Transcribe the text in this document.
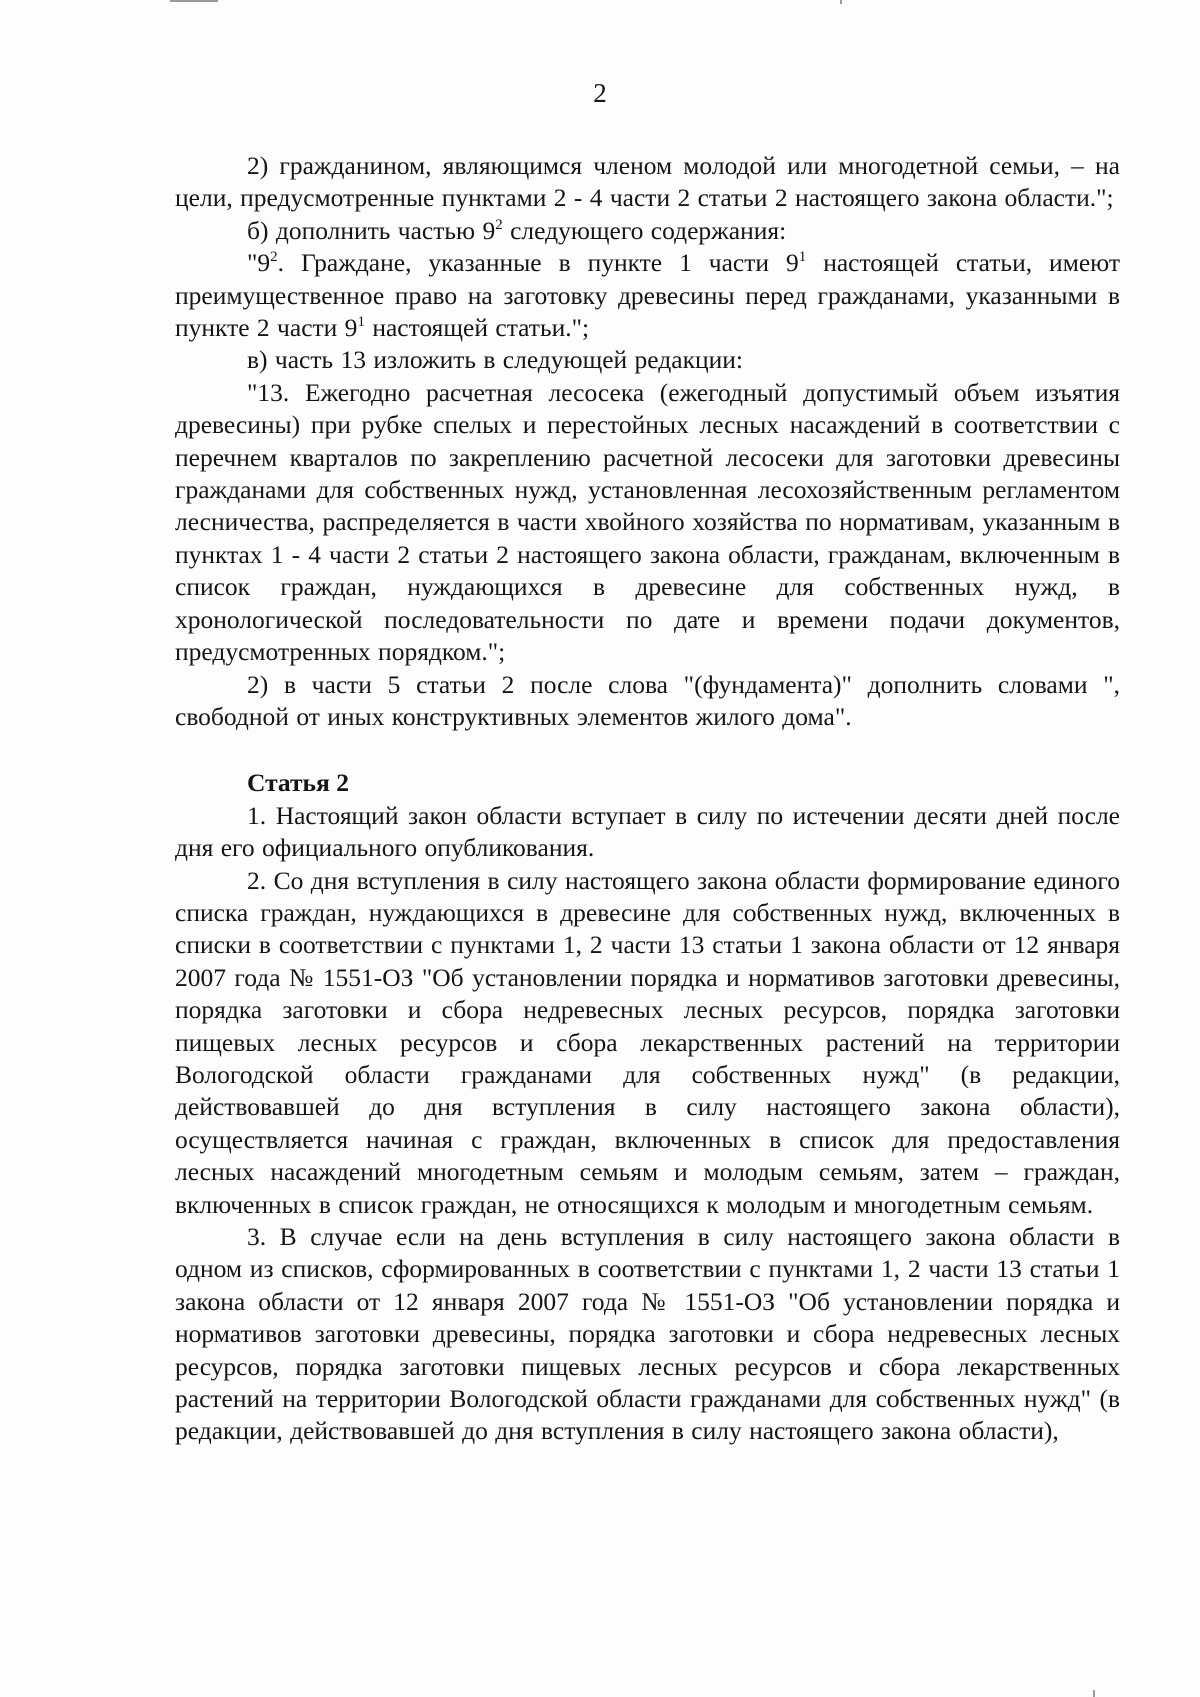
2

2) гражданином, являющимся членом молодой или многодетной семьи, – на цели, предусмотренные пунктами 2 - 4 части 2 статьи 2 настоящего закона области.";

б) дополнить частью $9^2$ следующего содержания:

"$9^2$. Граждане, указанные в пункте 1 части $9^1$ настоящей статьи, имеют преимущественное право на заготовку древесины перед гражданами, указанными в пункте 2 части $9^1$ настоящей статьи.";

в) часть 13 изложить в следующей редакции:

"13. Ежегодно расчетная лесосека (ежегодный допустимый объем изъятия древесины) при рубке спелых и перестойных лесных насаждений в соответствии с перечнем кварталов по закреплению расчетной лесосеки для заготовки древесины гражданами для собственных нужд, установленная лесохозяйственным регламентом лесничества, распределяется в части хвойного хозяйства по нормативам, указанным в пунктах 1 - 4 части 2 статьи 2 настоящего закона области, гражданам, включенным в список граждан, нуждающихся в древесине для собственных нужд, в хронологической последовательности по дате и времени подачи документов, предусмотренных порядком.";

2) в части 5 статьи 2 после слова "(фундамента)" дополнить словами ", свободной от иных конструктивных элементов жилого дома".

Статья 2

1. Настоящий закон области вступает в силу по истечении десяти дней после дня его официального опубликования.

2. Со дня вступления в силу настоящего закона области формирование единого списка граждан, нуждающихся в древесине для собственных нужд, включенных в списки в соответствии с пунктами 1, 2 части 13 статьи 1 закона области от 12 января 2007 года № 1551-ОЗ "Об установлении порядка и нормативов заготовки древесины, порядка заготовки и сбора недревесных лесных ресурсов, порядка заготовки пищевых лесных ресурсов и сбора лекарственных растений на территории Вологодской области гражданами для собственных нужд" (в редакции, действовавшей до дня вступления в силу настоящего закона области), осуществляется начиная с граждан, включенных в список для предоставления лесных насаждений многодетным семьям и молодым семьям, затем – граждан, включенных в список граждан, не относящихся к молодым и многодетным семьям.

3. В случае если на день вступления в силу настоящего закона области в одном из списков, сформированных в соответствии с пунктами 1, 2 части 13 статьи 1 закона области от 12 января 2007 года № 1551-ОЗ "Об установлении порядка и нормативов заготовки древесины, порядка заготовки и сбора недревесных лесных ресурсов, порядка заготовки пищевых лесных ресурсов и сбора лекарственных растений на территории Вологодской области гражданами для собственных нужд" (в редакции, действовавшей до дня вступления в силу настоящего закона области),
